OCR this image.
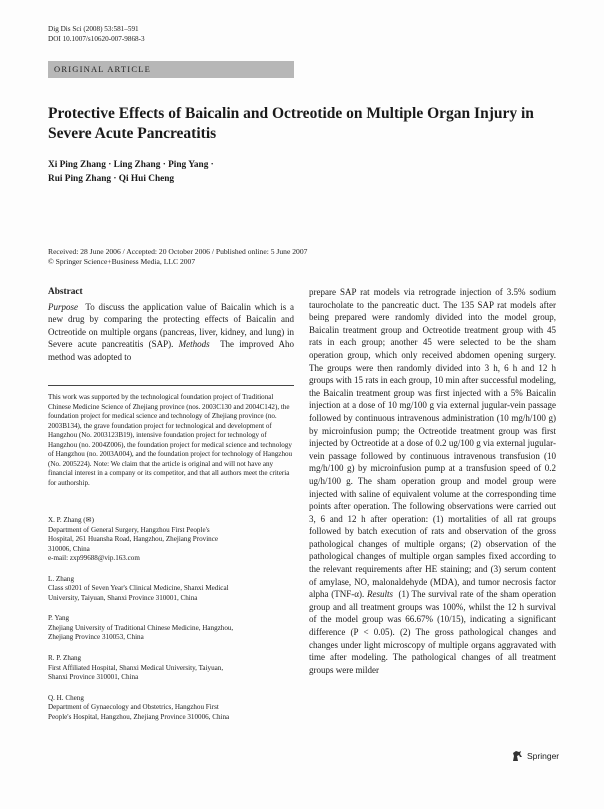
Dig Dis Sci (2008) 53:581–591
DOI 10.1007/s10620-007-9868-3
ORIGINAL ARTICLE
Protective Effects of Baicalin and Octreotide on Multiple Organ Injury in Severe Acute Pancreatitis
Xi Ping Zhang · Ling Zhang · Ping Yang ·
Rui Ping Zhang · Qi Hui Cheng
Received: 28 June 2006 / Accepted: 20 October 2006 / Published online: 5 June 2007
© Springer Science+Business Media, LLC 2007
Abstract

Purpose To discuss the application value of Baicalin which is a new drug by comparing the protecting effects of Baicalin and Octreotide on multiple organs (pancreas, liver, kidney, and lung) in Severe acute pancreatitis (SAP). Methods The improved Aho method was adopted to

This work was supported by the technological foundation project of Traditional Chinese Medicine Science of Zhejiang province (nos. 2003C130 and 2004C142), the foundation project for medical science and technology of Zhejiang province (no. 2003B134), the grave foundation project for technological and development of Hangzhou (No. 2003123B19), intensive foundation project for technology of Hangzhou (no. 2004Z006), the foundation project for medical science and technology of Hangzhou (no. 2003A004), and the foundation project for technology of Hangzhou (No. 2005224). Note: We claim that the article is original and will not have any financial interest in a company or its competitor, and that all authors meet the criteria for authorship.
X. P. Zhang (✉)
Department of General Surgery, Hangzhou First People's
Hospital, 261 Huansha Road, Hangzhou, Zhejiang Province
310006, China
e-mail: zxp99688@vip.163.com
L. Zhang
Class s0201 of Seven Year's Clinical Medicine, Shanxi Medical
University, Taiyuan, Shanxi Province 310001, China
P. Yang
Zhejiang University of Traditional Chinese Medicine, Hangzhou,
Zhejiang Province 310053, China
R. P. Zhang
First Affiliated Hospital, Shanxi Medical University, Taiyuan,
Shanxi Province 310001, China
Q. H. Cheng
Department of Gynaecology and Obstetrics, Hangzhou First
People's Hospital, Hangzhou, Zhejiang Province 310006, China

prepare SAP rat models via retrograde injection of 3.5% sodium taurocholate to the pancreatic duct. The 135 SAP rat models after being prepared were randomly divided into the model group, Baicalin treatment group and Octreotide treatment group with 45 rats in each group; another 45 were selected to be the sham operation group, which only received abdomen opening surgery. The groups were then randomly divided into 3 h, 6 h and 12 h groups with 15 rats in each group, 10 min after successful modeling, the Baicalin treatment group was first injected with a 5% Baicalin injection at a dose of 10 mg/100 g via external jugular-vein passage followed by continuous intravenous administration (10 mg/h/100 g) by microinfusion pump; the Octreotide treatment group was first injected by Octreotide at a dose of 0.2 ug/100 g via external jugular-vein passage followed by continuous intravenous transfusion (10 mg/h/100 g) by microinfusion pump at a transfusion speed of 0.2 ug/h/100 g. The sham operation group and model group were injected with saline of equivalent volume at the corresponding time points after operation. The following observations were carried out 3, 6 and 12 h after operation: (1) mortalities of all rat groups followed by batch execution of rats and observation of the gross pathological changes of multiple organs; (2) observation of the pathological changes of multiple organ samples fixed according to the relevant requirements after HE staining; and (3) serum content of amylase, NO, malonaldehyde (MDA), and tumor necrosis factor alpha (TNF-α). Results (1) The survival rate of the sham operation group and all treatment groups was 100%, whilst the 12 h survival of the model group was 66.67% (10/15), indicating a significant difference (P < 0.05). (2) The gross pathological changes and changes under light microscopy of multiple organs aggravated with time after modeling. The pathological changes of all treatment groups were milder

Springer
